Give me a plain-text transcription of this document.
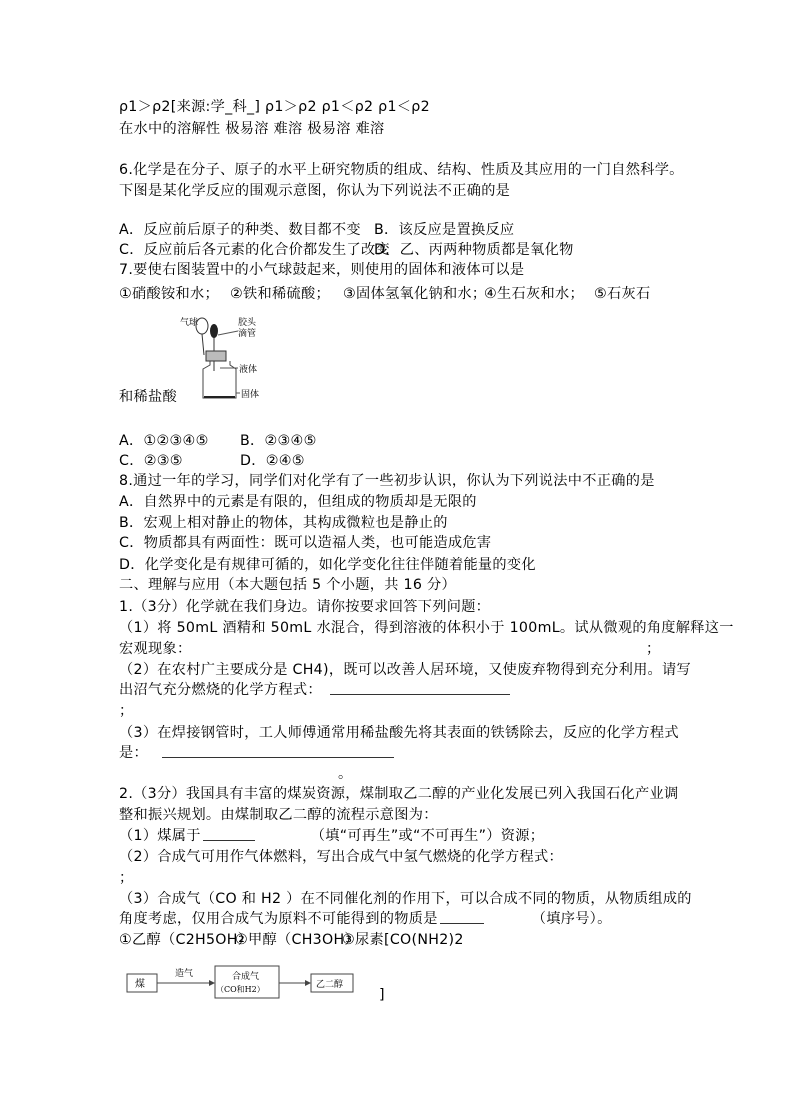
ρ1＞ρ2[来源:学_科_] ρ1＞ρ2 ρ1＜ρ2 ρ1＜ρ2
在水中的溶解性 极易溶 难溶 极易溶 难溶
6.化学是在分子、原子的水平上研究物质的组成、结构、性质及其应用的一门自然科学。
下图是某化学反应的围观示意图，你认为下列说法不正确的是
A．反应前后原子的种类、数目都不变 B．该反应是置换反应
C．反应前后各元素的化合价都发生了改变
D．乙、丙两种物质都是氧化物
7.要使右图装置中的小气球鼓起来，则使用的固体和液体可以是
①硝酸铵和水； ②铁和稀硫酸； ③固体氢氧化钠和水；
④生石灰和水； ⑤石灰石
气球
液体
固体
胶头滴管
和稀盐酸
A．①②③④⑤ B．②③④⑤
C．②③⑤	D．②④⑤
8.通过一年的学习，同学们对化学有了一些初步认识，你认为下列说法中不正确的是
A．自然界中的元素是有限的，但组成的物质却是无限的
B．宏观上相对静止的物体，其构成微粒也是静止的
C．物质都具有两面性：既可以造福人类，也可能造成危害
D．化学变化是有规律可循的，如化学变化往往伴随着能量的变化
二、理解与应用（本大题包括 5 个小题，共 16 分）
1.（3分）化学就在我们身边。请你按要求回答下列问题：
（1）将 50mL 酒精和 50mL 水混合，得到溶液的体积小于 100mL。试从微观的角度解释这一
宏观现象：	；
（2）在农村广主要成分是 CH4)，既可以改善人居环境，又使废弃物得到充分利用。请写
出沼气充分燃烧的化学方程式：
；
（3）在焊接钢管时，工人师傅通常用稀盐酸先将其表面的铁锈除去，反应的化学方程式
是：
。
2.（3分）我国具有丰富的煤炭资源，煤制取乙二醇的产业化发展已列入我国石化产业调
整和振兴规划。由煤制取乙二醇的流程示意图为：
（1）煤属于	（填“可再生”或“不可再生”）资源；
（2）合成气可用作气体燃料，写出合成气中氢气燃烧的化学方程式：
；
（3）合成气（CO 和 H2 ）在不同催化剂的作用下，可以合成不同的物质，从物质组成的
角度考虑，仅用合成气为原料不可能得到的物质是	（填序号）。
①乙醇（C2H5OH）
②甲醇（CH3OH）
③尿素[CO(NH2)2
煤
造气	合成气
（CO和H2）	乙二醇
]
